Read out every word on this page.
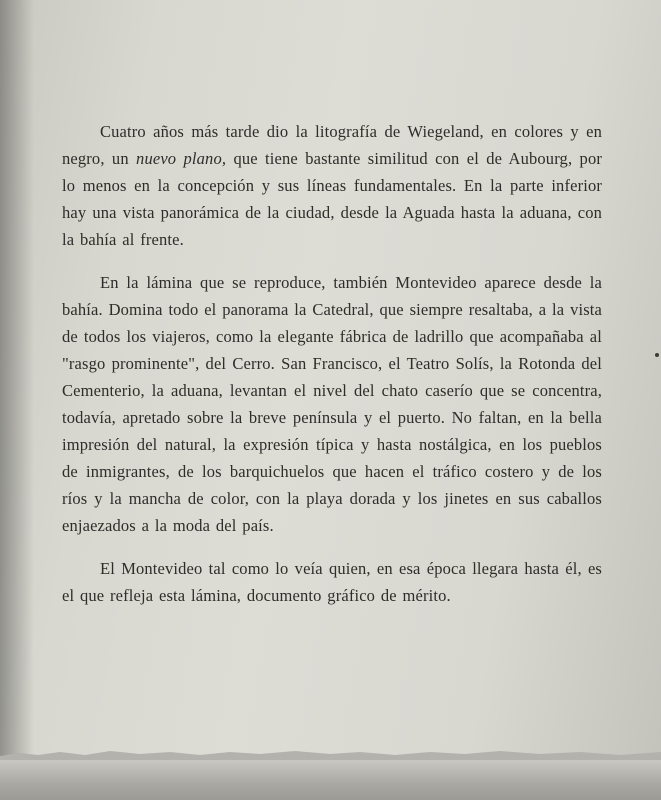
Cuatro años más tarde dio la litografía de Wiegeland, en colores y en negro, un nuevo plano, que tiene bastante similitud con el de Aubourg, por lo menos en la concepción y sus líneas fundamentales. En la parte inferior hay una vista panorámica de la ciudad, desde la Aguada hasta la aduana, con la bahía al frente.

En la lámina que se reproduce, también Montevideo aparece desde la bahía. Domina todo el panorama la Catedral, que siempre resaltaba, a la vista de todos los viajeros, como la elegante fábrica de ladrillo que acompañaba al "rasgo prominente", del Cerro. San Francisco, el Teatro Solís, la Rotonda del Cementerio, la aduana, levantan el nivel del chato caserío que se concentra, todavía, apretado sobre la breve península y el puerto. No faltan, en la bella impresión del natural, la expresión típica y hasta nostálgica, en los pueblos de inmigrantes, de los barquichuelos que hacen el tráfico costero y de los ríos y la mancha de color, con la playa dorada y los jinetes en sus caballos enjaezados a la moda del país.

El Montevideo tal como lo veía quien, en esa época llegara hasta él, es el que refleja esta lámina, documento gráfico de mérito.
